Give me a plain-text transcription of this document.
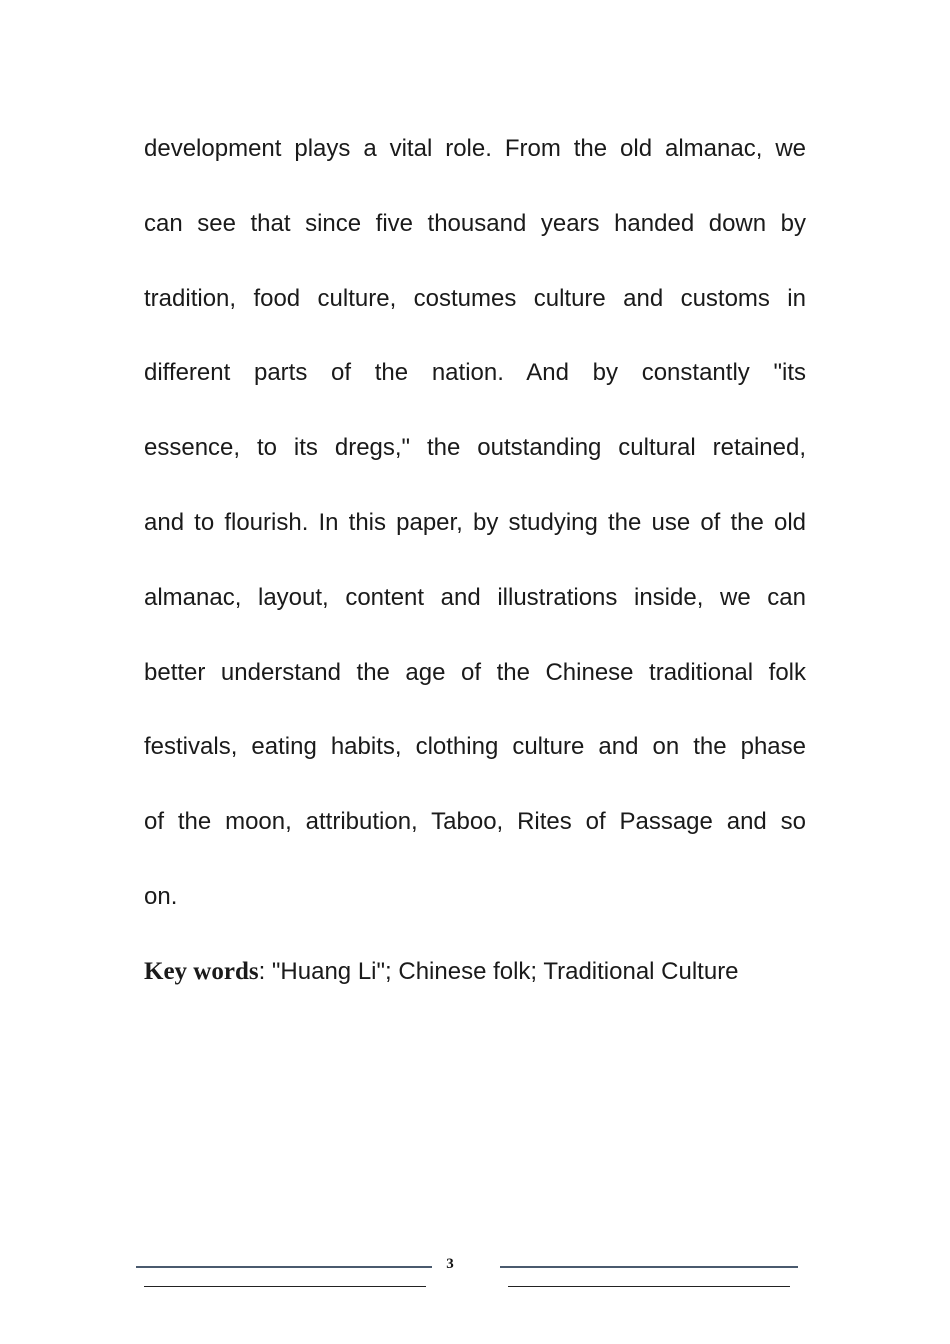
development plays a vital role. From the old almanac, we
can see that since five thousand years handed down by
tradition, food culture, costumes culture and customs in
different parts of the nation. And by constantly "its
essence, to its dregs," the outstanding cultural retained,
and to flourish. In this paper, by studying the use of the old
almanac, layout, content and illustrations inside, we can
better understand the age of the Chinese traditional folk
festivals, eating habits, clothing culture and on the phase
of the moon, attribution, Taboo, Rites of Passage and so
on.
Key words: "Huang Li"; Chinese folk; Traditional Culture
3
